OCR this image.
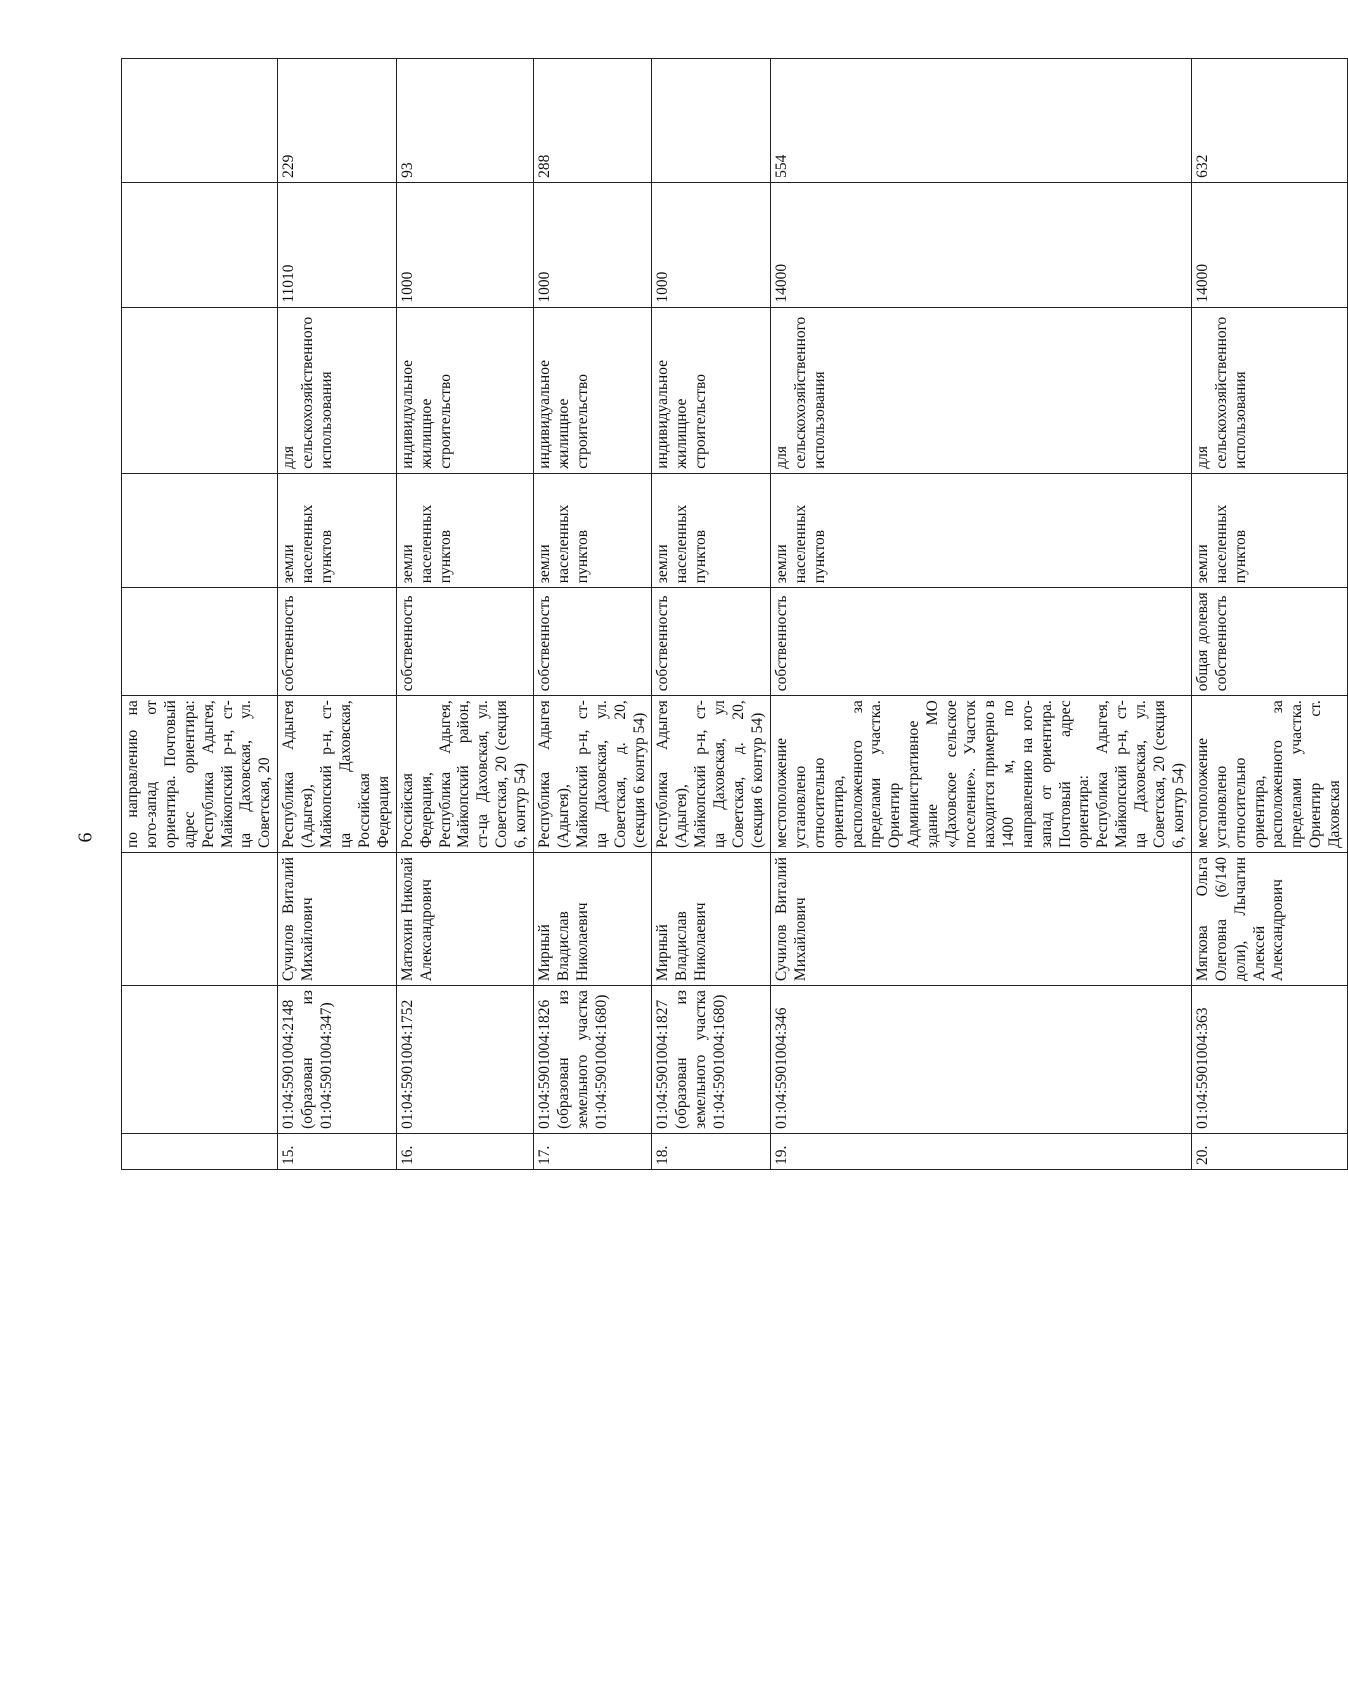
6
			по направлению на юго-запад от ориентира. Почтовый адрес ориентира: Республика Адыгея, Майкопский р-н, ст-ца Даховская, ул. Советская, 20					
15.	01:04:5901004:2148 (образован из 01:04:5901004:347)	Сучилов Виталий Михайлович	Республика Адыгея (Адыгея), Майкопский р-н, ст-ца Даховская, Российская Федерация	собственность	земли населенных пунктов	для сельскохозяйственного использования	11010	229
16.	01:04:5901004:1752	Матюхин Николай Александрович	Российская Федерация, Республика Адыгея, Майкопский район, ст-ца Даховская, ул. Советская, 20 (секция 6, контур 54)	собственность	земли населенных пунктов	индивидуальное жилищное строительство	1000	93
17.	01:04:5901004:1826 (образован из земельного участка 01:04:5901004:1680)	Мирный Владислав Николаевич	Республика Адыгея (Адыгея), Майкопский р-н, ст-ца Даховская, ул. Советская, д. 20, (секция 6 контур 54)	собственность	земли населенных пунктов	индивидуальное жилищное строительство	1000	288
18.	01:04:5901004:1827 (образован из земельного участка 01:04:5901004:1680)	Мирный Владислав Николаевич	Республика Адыгея (Адыгея), Майкопский р-н, ст-ца Даховская, ул Советская, д. 20, (секция 6 контур 54)	собственность	земли населенных пунктов	индивидуальное жилищное строительство	1000	
19.	01:04:5901004:346	Сучилов Виталий Михайлович	местоположение установлено относительно ориентира, расположенного за пределами участка. Ориентир Административное здание МО «Даховское сельское поселение». Участок находится примерно в 1400 м, по направлению на юго-запад от ориентира. Почтовый адрес ориентира: Республика Адыгея, Майкопский р-н, ст-ца Даховская, ул. Советская, 20 (секция 6, контур 54)	собственность	земли населенных пунктов	для сельскохозяйственного использования	14000	554
20.	01:04:5901004:363	Мягкова Ольга Олеговна (6/140 доли), Лычагин Алексей Александрович	местоположение установлено относительно ориентира, расположенного за пределами участка. Ориентир ст. Даховская	общая долевая собственность	земли населенных пунктов	для сельскохозяйственного использования	14000	632
